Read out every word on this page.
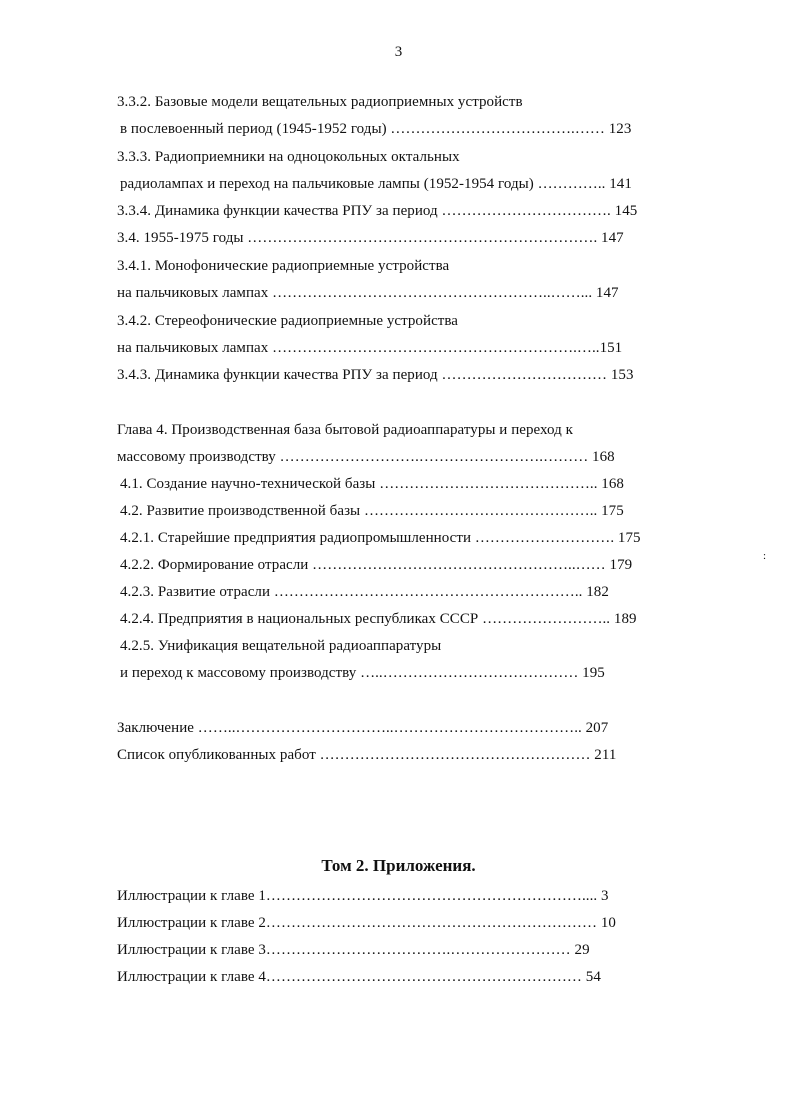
3
3.3.2. Базовые модели вещательных радиоприемных устройств
в послевоенный период (1945-1952 годы) ……………………………….…… 123
3.3.3. Радиоприемники на одноцокольных октальных
радиолампах и переход на пальчиковые лампы (1952-1954 годы) ………….. 141
3.3.4. Динамика функции качества РПУ за период ……………………………. 145
3.4. 1955-1975 годы ……………………………………………………………. 147
3.4.1. Монофонические радиоприемные устройства
на пальчиковых лампах ………………………………………………..……... 147
3.4.2. Стереофонические радиоприемные устройства
на пальчиковых лампах …………………………………………………….…..151
3.4.3. Динамика функции качества РПУ за период …………………………… 153
Глава 4. Производственная база бытовой радиоаппаратуры и переход к
массовому производству ……………………….…………………….……… 168
4.1. Создание научно-технической базы …………………………………….. 168
4.2. Развитие производственной базы ……………………………………….. 175
4.2.1. Старейшие предприятия радиопромышленности ………………………. 175
4.2.2. Формирование отрасли ……………………………………………..…… 179
4.2.3. Развитие отрасли …………………………………………………….. 182
4.2.4. Предприятия в национальных республиках СССР …………………….. 189
4.2.5. Унификация вещательной радиоаппаратуры
и переход к массовому производству …..………………………………… 195
Заключение ……..…………………………..……………………………….. 207
Список опубликованных работ ……………………………………………… 211
Том 2. Приложения.
Иллюстрации к главе 1……………………………………………………….... 3
Иллюстрации к главе 2………………………………………………………… 10
Иллюстрации к главе 3……………………………….…………………… 29
Иллюстрации к главе 4……………………………………………………… 54
:
